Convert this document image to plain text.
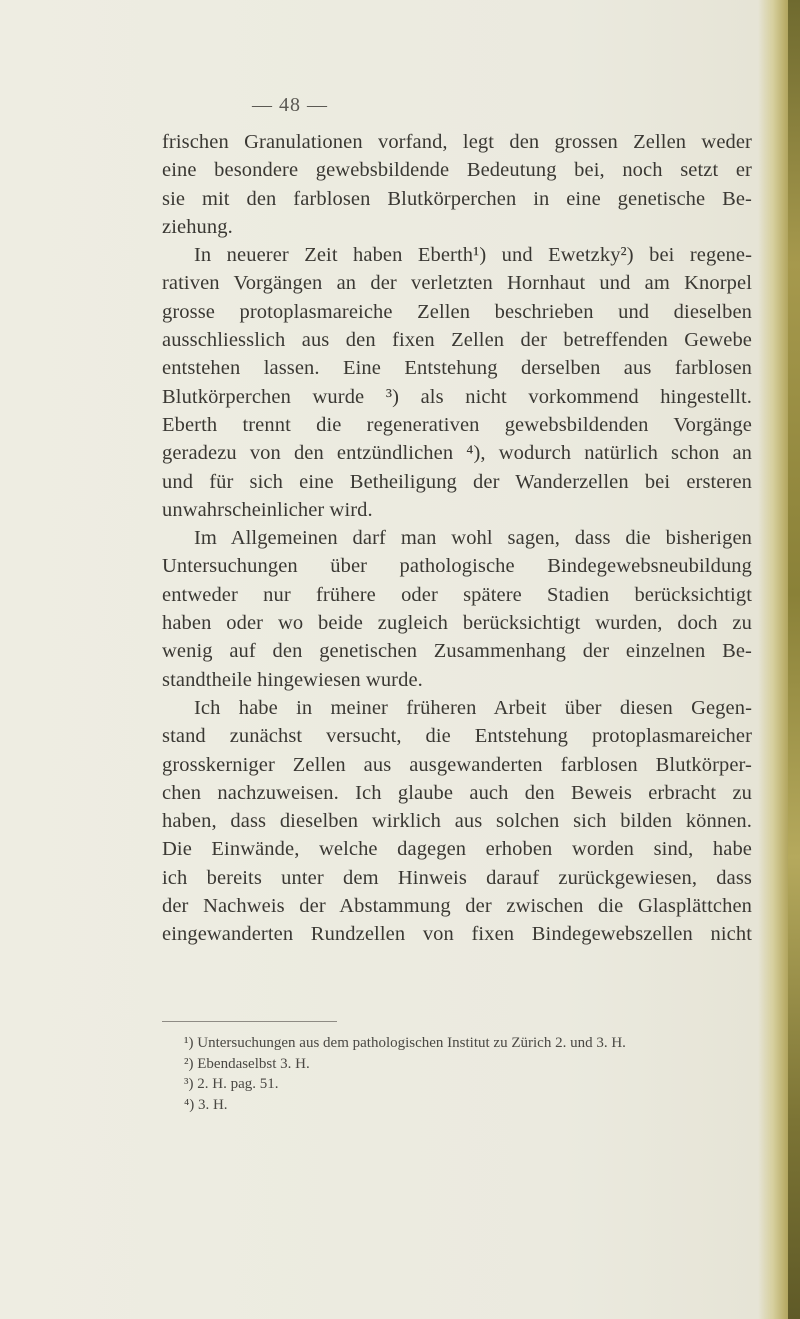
— 48 —
frischen Granulationen vorfand, legt den grossen Zellen weder
eine besondere gewebsbildende Bedeutung bei, noch setzt er
sie mit den farblosen Blutkörperchen in eine genetische Be-
ziehung.
In neuerer Zeit haben Eberth¹) und Ewetzky²) bei regene-
rativen Vorgängen an der verletzten Hornhaut und am Knorpel
grosse protoplasmareiche Zellen beschrieben und dieselben
ausschliesslich aus den fixen Zellen der betreffenden Gewebe
entstehen lassen. Eine Entstehung derselben aus farblosen
Blutkörperchen wurde ³) als nicht vorkommend hingestellt.
Eberth trennt die regenerativen gewebsbildenden Vorgänge
geradezu von den entzündlichen ⁴), wodurch natürlich schon an
und für sich eine Betheiligung der Wanderzellen bei ersteren
unwahrscheinlicher wird.
Im Allgemeinen darf man wohl sagen, dass die bisherigen
Untersuchungen über pathologische Bindegewebsneubildung
entweder nur frühere oder spätere Stadien berücksichtigt
haben oder wo beide zugleich berücksichtigt wurden, doch zu
wenig auf den genetischen Zusammenhang der einzelnen Be-
standtheile hingewiesen wurde.
Ich habe in meiner früheren Arbeit über diesen Gegen-
stand zunächst versucht, die Entstehung protoplasmareicher
grosskerniger Zellen aus ausgewanderten farblosen Blutkörper-
chen nachzuweisen. Ich glaube auch den Beweis erbracht zu
haben, dass dieselben wirklich aus solchen sich bilden können.
Die Einwände, welche dagegen erhoben worden sind, habe
ich bereits unter dem Hinweis darauf zurückgewiesen, dass
der Nachweis der Abstammung der zwischen die Glasplättchen
eingewanderten Rundzellen von fixen Bindegewebszellen nicht
¹) Untersuchungen aus dem pathologischen Institut zu Zürich 2. und 3. H.
²) Ebendaselbst 3. H.
³) 2. H. pag. 51.
⁴) 3. H.
